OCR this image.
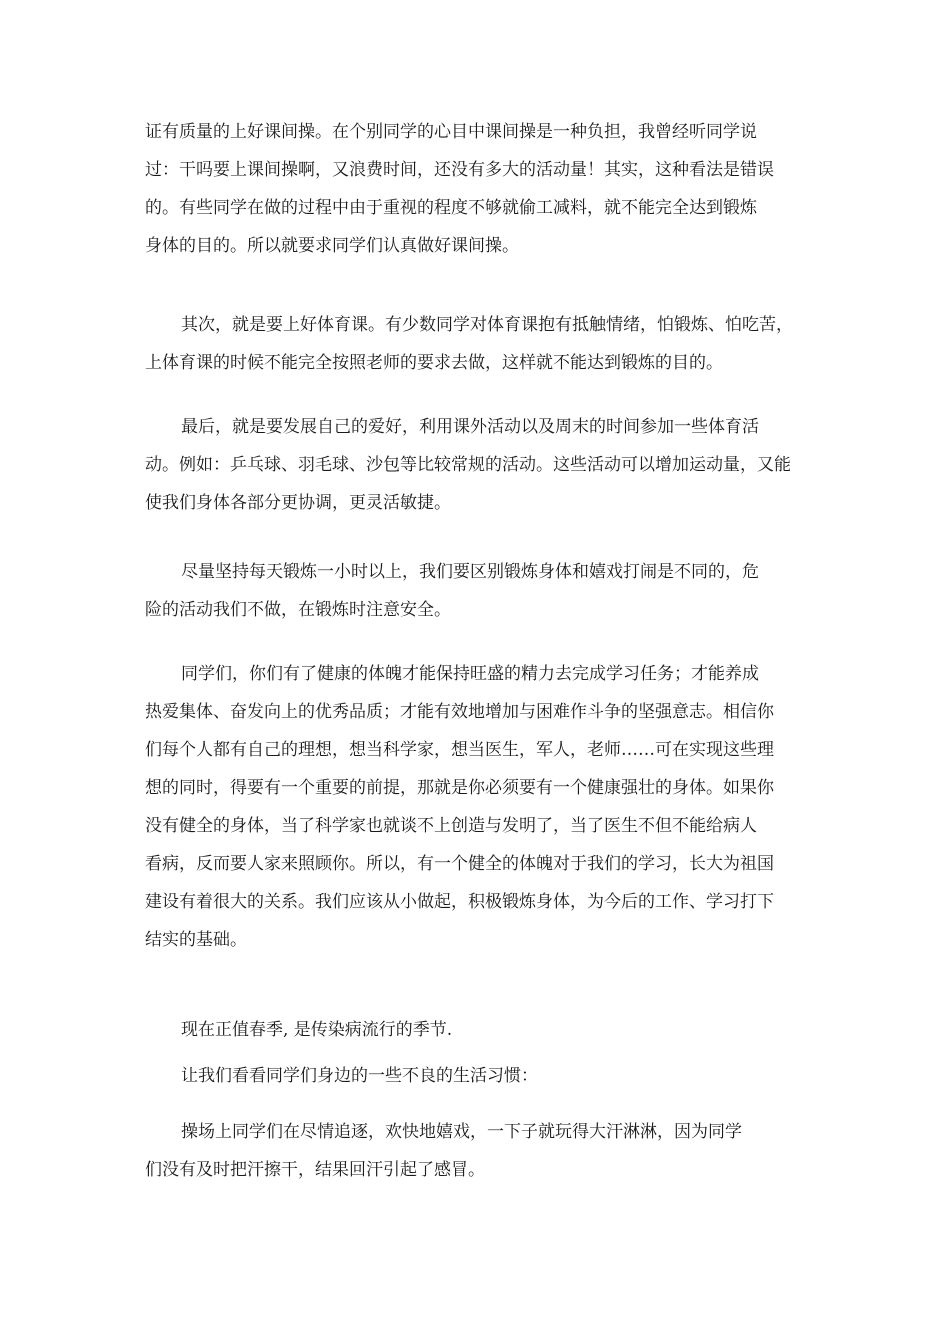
证有质量的上好课间操。在个别同学的心目中课间操是一种负担，我曾经听同学说
过：干吗要上课间操啊，又浪费时间，还没有多大的活动量！其实，这种看法是错误
的。有些同学在做的过程中由于重视的程度不够就偷工减料，就不能完全达到锻炼
身体的目的。所以就要求同学们认真做好课间操。
其次，就是要上好体育课。有少数同学对体育课抱有抵触情绪，怕锻炼、怕吃苦，
上体育课的时候不能完全按照老师的要求去做，这样就不能达到锻炼的目的。
最后，就是要发展自己的爱好，利用课外活动以及周末的时间参加一些体育活
动。例如：乒乓球、羽毛球、沙包等比较常规的活动。这些活动可以增加运动量，又能
使我们身体各部分更协调，更灵活敏捷。
尽量坚持每天锻炼一小时以上，我们要区别锻炼身体和嬉戏打闹是不同的，危
险的活动我们不做，在锻炼时注意安全。
同学们，你们有了健康的体魄才能保持旺盛的精力去完成学习任务；才能养成
热爱集体、奋发向上的优秀品质；才能有效地增加与困难作斗争的坚强意志。相信你
们每个人都有自己的理想，想当科学家，想当医生，军人，老师……可在实现这些理
想的同时，得要有一个重要的前提，那就是你必须要有一个健康强壮的身体。如果你
没有健全的身体，当了科学家也就谈不上创造与发明了，当了医生不但不能给病人
看病，反而要人家来照顾你。所以，有一个健全的体魄对于我们的学习，长大为祖国
建设有着很大的关系。我们应该从小做起，积极锻炼身体，为今后的工作、学习打下
结实的基础。
现在正值春季, 是传染病流行的季节.
让我们看看同学们身边的一些不良的生活习惯：
操场上同学们在尽情追逐，欢快地嬉戏，一下子就玩得大汗淋淋，因为同学
们没有及时把汗擦干，结果回汗引起了感冒。
